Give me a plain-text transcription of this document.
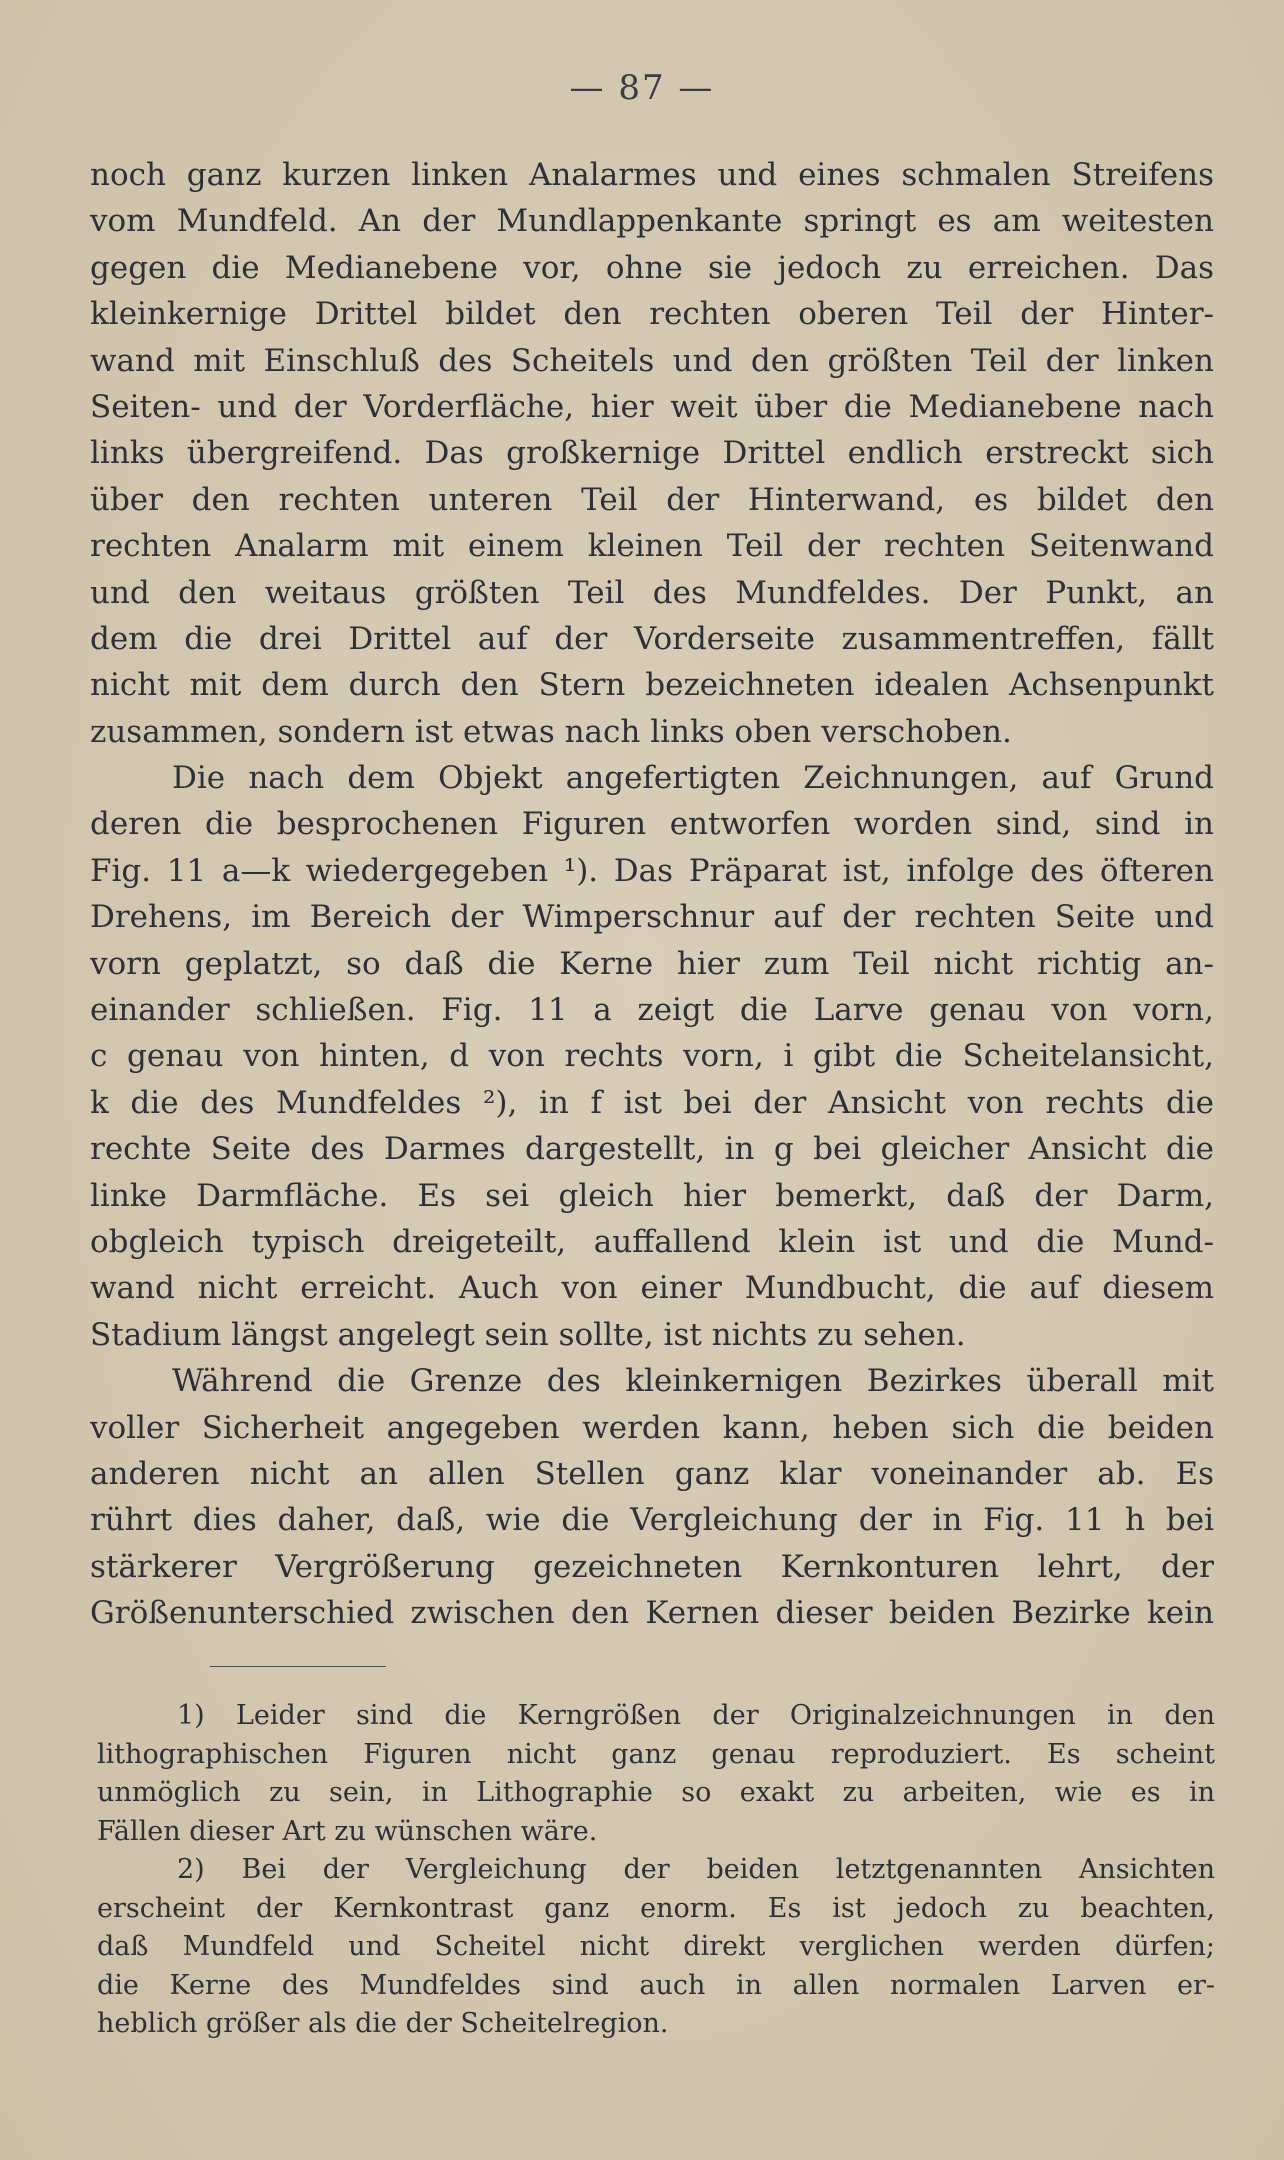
— 87 —
noch ganz kurzen linken Analarmes und eines schmalen Streifens
vom Mundfeld. An der Mundlappenkante springt es am weitesten
gegen die Medianebene vor, ohne sie jedoch zu erreichen. Das
kleinkernige Drittel bildet den rechten oberen Teil der Hinter-
wand mit Einschluß des Scheitels und den größten Teil der linken
Seiten- und der Vorderfläche, hier weit über die Medianebene nach
links übergreifend. Das großkernige Drittel endlich erstreckt sich
über den rechten unteren Teil der Hinterwand, es bildet den
rechten Analarm mit einem kleinen Teil der rechten Seitenwand
und den weitaus größten Teil des Mundfeldes. Der Punkt, an
dem die drei Drittel auf der Vorderseite zusammentreffen, fällt
nicht mit dem durch den Stern bezeichneten idealen Achsenpunkt
zusammen, sondern ist etwas nach links oben verschoben.
Die nach dem Objekt angefertigten Zeichnungen, auf Grund
deren die besprochenen Figuren entworfen worden sind, sind in
Fig. 11 a—k wiedergegeben ¹). Das Präparat ist, infolge des öfteren
Drehens, im Bereich der Wimperschnur auf der rechten Seite und
vorn geplatzt, so daß die Kerne hier zum Teil nicht richtig an-
einander schließen. Fig. 11 a zeigt die Larve genau von vorn,
c genau von hinten, d von rechts vorn, i gibt die Scheitelansicht,
k die des Mundfeldes ²), in f ist bei der Ansicht von rechts die
rechte Seite des Darmes dargestellt, in g bei gleicher Ansicht die
linke Darmfläche. Es sei gleich hier bemerkt, daß der Darm,
obgleich typisch dreigeteilt, auffallend klein ist und die Mund-
wand nicht erreicht. Auch von einer Mundbucht, die auf diesem
Stadium längst angelegt sein sollte, ist nichts zu sehen.
Während die Grenze des kleinkernigen Bezirkes überall mit
voller Sicherheit angegeben werden kann, heben sich die beiden
anderen nicht an allen Stellen ganz klar voneinander ab. Es
rührt dies daher, daß, wie die Vergleichung der in Fig. 11 h bei
stärkerer Vergrößerung gezeichneten Kernkonturen lehrt, der
Größenunterschied zwischen den Kernen dieser beiden Bezirke kein
1) Leider sind die Kerngrößen der Originalzeichnungen in den
lithographischen Figuren nicht ganz genau reproduziert. Es scheint
unmöglich zu sein, in Lithographie so exakt zu arbeiten, wie es in
Fällen dieser Art zu wünschen wäre.
2) Bei der Vergleichung der beiden letztgenannten Ansichten
erscheint der Kernkontrast ganz enorm. Es ist jedoch zu beachten,
daß Mundfeld und Scheitel nicht direkt verglichen werden dürfen;
die Kerne des Mundfeldes sind auch in allen normalen Larven er-
heblich größer als die der Scheitelregion.
